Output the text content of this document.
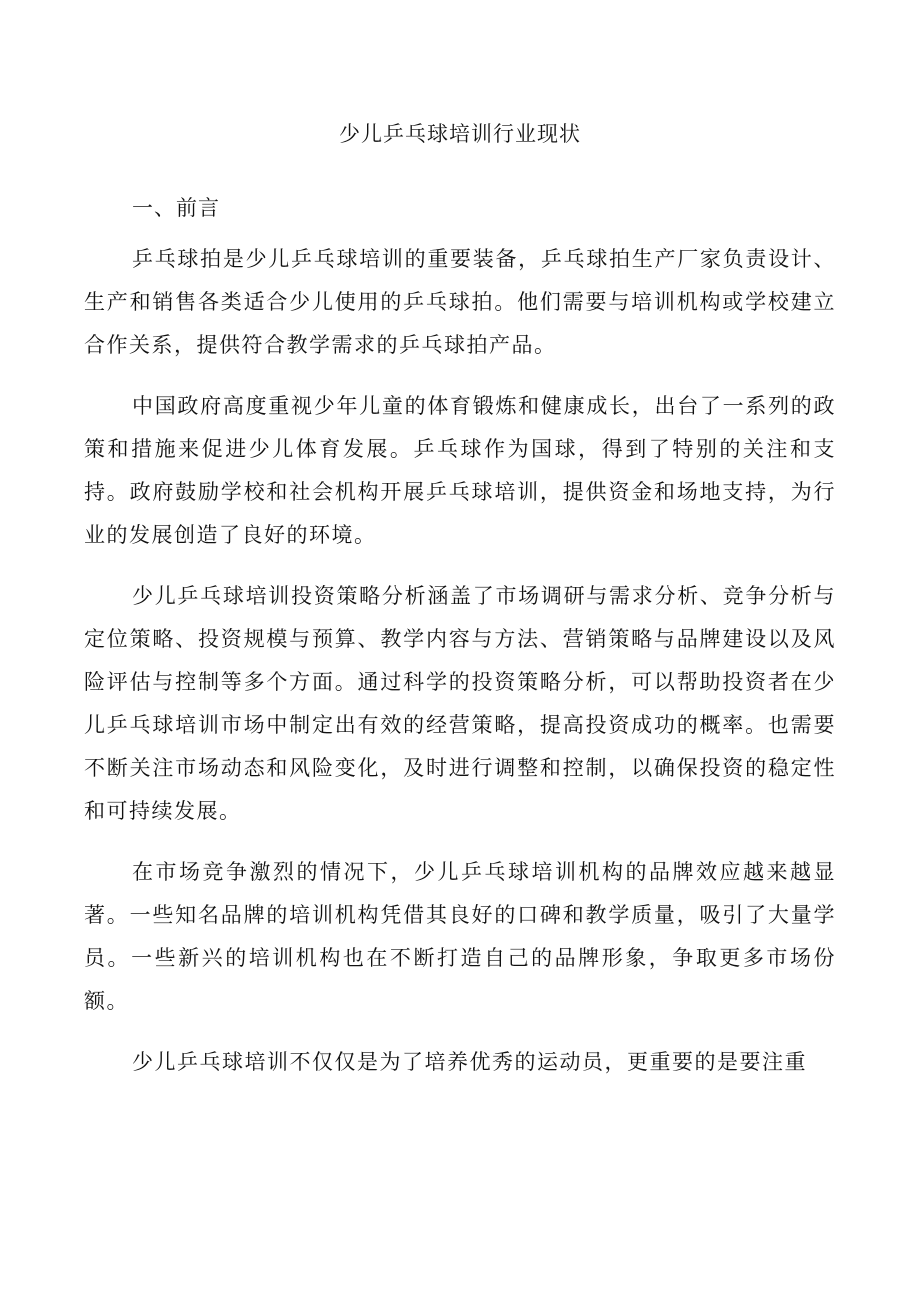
少儿乒乓球培训行业现状
一、前言

乒乓球拍是少儿乒乓球培训的重要装备，乒乓球拍生产厂家负责设计、生产和销售各类适合少儿使用的乒乓球拍。他们需要与培训机构或学校建立合作关系，提供符合教学需求的乒乓球拍产品。

中国政府高度重视少年儿童的体育锻炼和健康成长，出台了一系列的政策和措施来促进少儿体育发展。乒乓球作为国球，得到了特别的关注和支持。政府鼓励学校和社会机构开展乒乓球培训，提供资金和场地支持，为行业的发展创造了良好的环境。

少儿乒乓球培训投资策略分析涵盖了市场调研与需求分析、竞争分析与定位策略、投资规模与预算、教学内容与方法、营销策略与品牌建设以及风险评估与控制等多个方面。通过科学的投资策略分析，可以帮助投资者在少儿乒乓球培训市场中制定出有效的经营策略，提高投资成功的概率。也需要不断关注市场动态和风险变化，及时进行调整和控制，以确保投资的稳定性和可持续发展。

在市场竞争激烈的情况下，少儿乒乓球培训机构的品牌效应越来越显著。一些知名品牌的培训机构凭借其良好的口碑和教学质量，吸引了大量学员。一些新兴的培训机构也在不断打造自己的品牌形象，争取更多市场份额。

少儿乒乓球培训不仅仅是为了培养优秀的运动员，更重要的是要注重
